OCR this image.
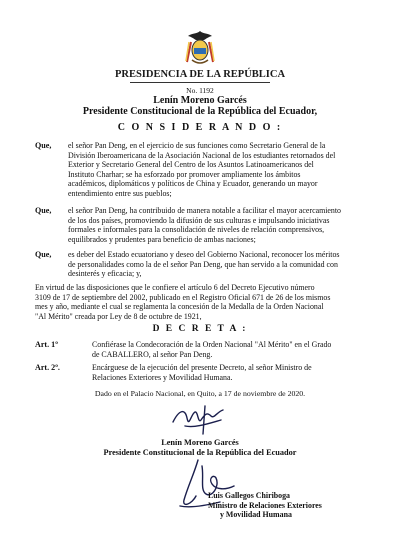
PRESIDENCIA DE LA REPÚBLICA
No. 1192
Lenín Moreno Garcés
Presidente Constitucional de la República del Ecuador,
C O N S I D E R A N D O :
Que, el señor Pan Deng, en el ejercicio de sus funciones como Secretario General de la
División Iberoamericana de la Asociación Nacional de los estudiantes retornados del
Exterior y Secretario General del Centro de los Asuntos Latinoamericanos del
Instituto Charhar; se ha esforzado por promover ampliamente los ámbitos
académicos, diplomáticos y políticos de China y Ecuador, generando un mayor
entendimiento entre sus pueblos;
Que, el señor Pan Deng, ha contribuido de manera notable a facilitar el mayor acercamiento
de los dos países, promoviendo la difusión de sus culturas e impulsando iniciativas
formales e informales para la consolidación de niveles de relación comprensivos,
equilibrados y prudentes para beneficio de ambas naciones;
Que, es deber del Estado ecuatoriano y deseo del Gobierno Nacional, reconocer los méritos
de personalidades como la de el señor Pan Deng, que han servido a la comunidad con
desinterés y eficacia; y,
En virtud de las disposiciones que le confiere el artículo 6 del Decreto Ejecutivo número
3109 de 17 de septiembre del 2002, publicado en el Registro Oficial 671 de 26 de los mismos
mes y año, mediante el cual se reglamenta la concesión de la Medalla de la Orden Nacional
"Al Mérito" creada por Ley de 8 de octubre de 1921,
D E C R E T A :
Art. 1º	Confiérase la Condecoración de la Orden Nacional "Al Mérito" en el Grado
de CABALLERO, al señor Pan Deng.
Art. 2º.	Encárguese de la ejecución del presente Decreto, al señor Ministro de
Relaciones Exteriores y Movilidad Humana.
Dado en el Palacio Nacional, en Quito, a 17 de noviembre de 2020.
Lenín Moreno Garcés
Presidente Constitucional de la República del Ecuador
Luis Gallegos Chiriboga
Ministro de Relaciones Exteriores
y Movilidad Humana
